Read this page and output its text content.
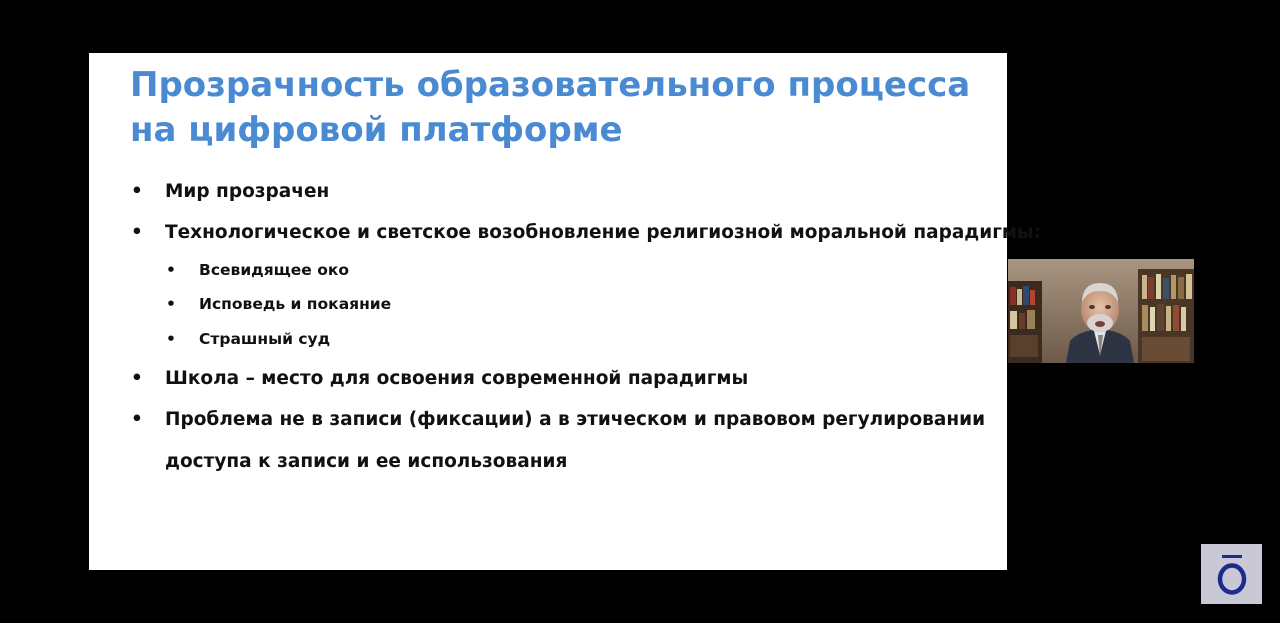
Прозрачность образовательного процесса на цифровой платформе
• Мир прозрачен
• Технологическое и светское возобновление религиозной моральной парадигмы:
• Всевидящее око
• Исповедь и покаяние
• Страшный суд
• Школа – место для освоения современной парадигмы
• Проблема не в записи (фиксации) а в этическом и правовом регулировании
доступа к записи и ее использования
